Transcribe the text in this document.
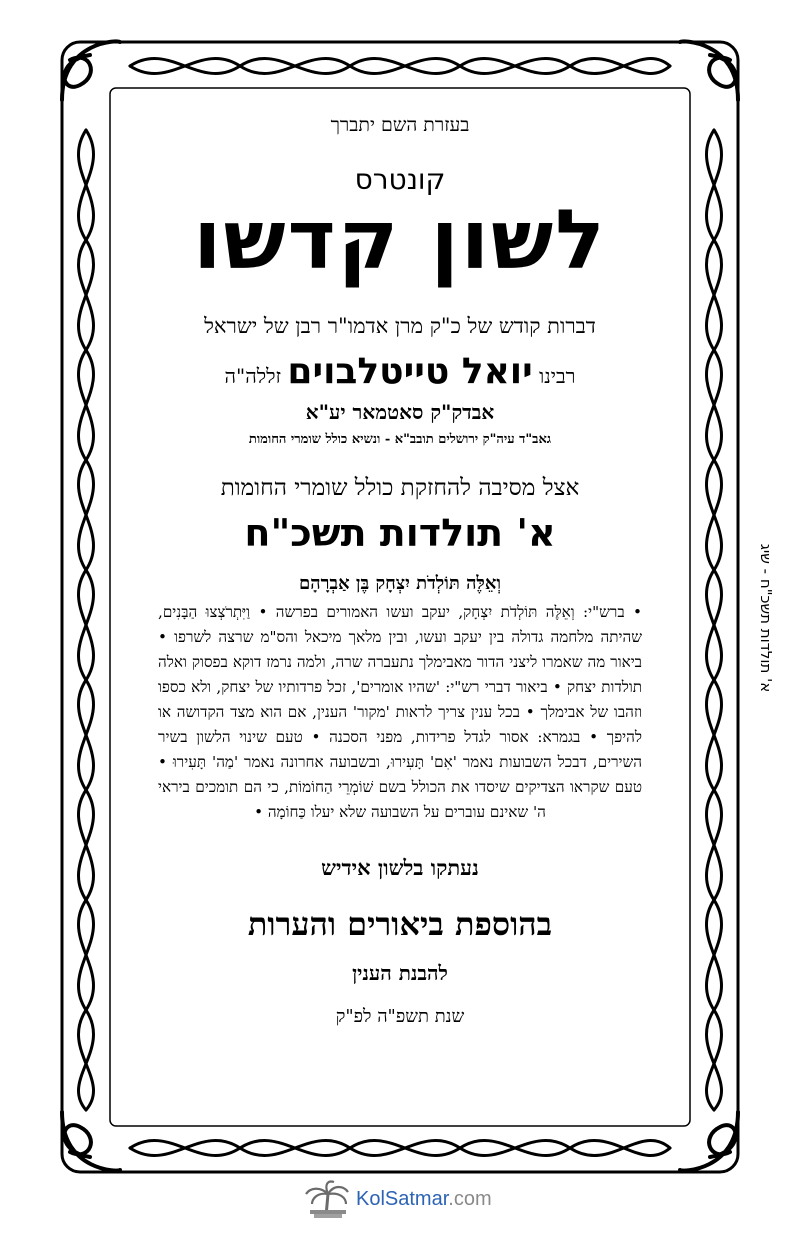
בעזרת השם יתברך
קונטרס
לשון קדשו
דברות קודש של כ"ק מרן אדמו"ר רבן של ישראל
רבינו יואל טייטלבוים זללה"ה
אבדק"ק סאטמאר יע"א
גאב"ד עיה"ק ירושלים תובב"א - ונשיא כולל שומרי החומות
אצל מסיבה להחזקת כולל שומרי החומות
א' תולדות תשכ"ח
וְאֵלֶּה תּוֹלְדֹת יִצְחָק בֶּן אַבְרָהָם
• ברש"י: וְאֵלֶּה תּוֹלְדֹת יִצְחָק, יעקב ועשו האמורים בפרשה • וַיִּתְרֹצְצוּ הַבָּנִים, שהיתה מלחמה גדולה בין יעקב ועשו, ובין מלאך מיכאל והס"מ שרצה לשרפו • ביאור מה שאמרו ליצני הדור מאבימלך נתעברה שרה, ולמה נרמז דוקא בפסוק ואלה תולדות יצחק • ביאור דברי רש"י: 'שהיו אומרים', זכל פרדותיו של יצחק, ולא כספו וזהבו של אבימלך • בכל ענין צריך לראות 'מקור' הענין, אם הוא מצד הקדושה או להיפך • בגמרא: אסור לגדל פרידות, מפני הסכנה • טעם שינוי הלשון בשיר השירים, דבכל השבועות נאמר 'אִם' תָּעִירוּ, ובשבועה אחרונה נאמר 'מַה' תָּעִירוּ • טעם שקראו הצדיקים שיסדו את הכולל בשם שׁוֹמְרֵי הַחוֹמוֹת, כי הם תומכים ביראי ה' שאינם עוברים על השבועה שלא יעלו כַּחוֹמָה •
נעתקו בלשון אידיש
בהוספת ביאורים והערות
להבנת הענין
שנת תשפ"ה לפ"ק
א' תולדות תשכ"ח - שיג
KolSatmar.com
